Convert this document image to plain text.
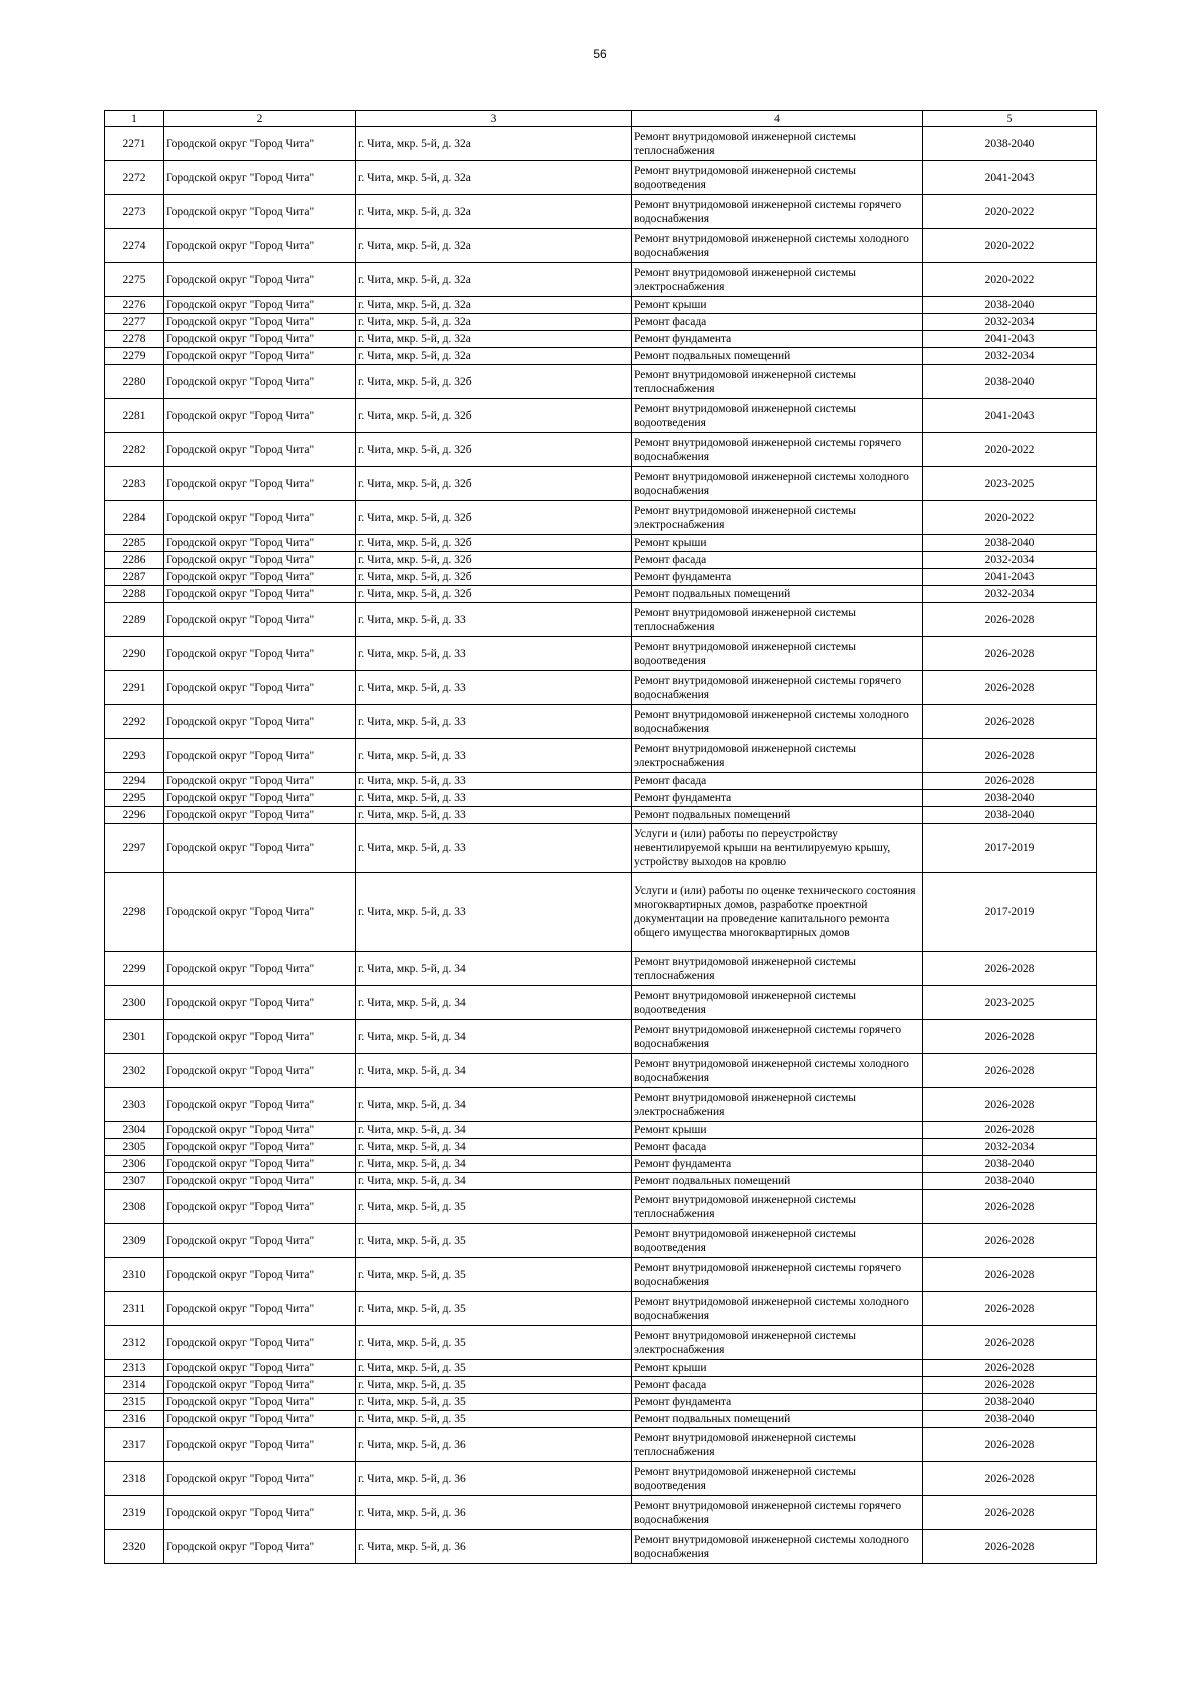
56
1	2	3	4	5
2271	Городской округ "Город Чита"	г. Чита, мкр. 5-й, д. 32а	Ремонт внутридомовой инженерной системы теплоснабжения	2038-2040
2272	Городской округ "Город Чита"	г. Чита, мкр. 5-й, д. 32а	Ремонт внутридомовой инженерной системы водоотведения	2041-2043
2273	Городской округ "Город Чита"	г. Чита, мкр. 5-й, д. 32а	Ремонт внутридомовой инженерной системы горячего водоснабжения	2020-2022
2274	Городской округ "Город Чита"	г. Чита, мкр. 5-й, д. 32а	Ремонт внутридомовой инженерной системы холодного водоснабжения	2020-2022
2275	Городской округ "Город Чита"	г. Чита, мкр. 5-й, д. 32а	Ремонт внутридомовой инженерной системы электроснабжения	2020-2022
2276	Городской округ "Город Чита"	г. Чита, мкр. 5-й, д. 32а	Ремонт крыши	2038-2040
2277	Городской округ "Город Чита"	г. Чита, мкр. 5-й, д. 32а	Ремонт фасада	2032-2034
2278	Городской округ "Город Чита"	г. Чита, мкр. 5-й, д. 32а	Ремонт фундамента	2041-2043
2279	Городской округ "Город Чита"	г. Чита, мкр. 5-й, д. 32а	Ремонт подвальных помещений	2032-2034
2280	Городской округ "Город Чита"	г. Чита, мкр. 5-й, д. 32б	Ремонт внутридомовой инженерной системы теплоснабжения	2038-2040
2281	Городской округ "Город Чита"	г. Чита, мкр. 5-й, д. 32б	Ремонт внутридомовой инженерной системы водоотведения	2041-2043
2282	Городской округ "Город Чита"	г. Чита, мкр. 5-й, д. 32б	Ремонт внутридомовой инженерной системы горячего водоснабжения	2020-2022
2283	Городской округ "Город Чита"	г. Чита, мкр. 5-й, д. 32б	Ремонт внутридомовой инженерной системы холодного водоснабжения	2023-2025
2284	Городской округ "Город Чита"	г. Чита, мкр. 5-й, д. 32б	Ремонт внутридомовой инженерной системы электроснабжения	2020-2022
2285	Городской округ "Город Чита"	г. Чита, мкр. 5-й, д. 32б	Ремонт крыши	2038-2040
2286	Городской округ "Город Чита"	г. Чита, мкр. 5-й, д. 32б	Ремонт фасада	2032-2034
2287	Городской округ "Город Чита"	г. Чита, мкр. 5-й, д. 32б	Ремонт фундамента	2041-2043
2288	Городской округ "Город Чита"	г. Чита, мкр. 5-й, д. 32б	Ремонт подвальных помещений	2032-2034
2289	Городской округ "Город Чита"	г. Чита, мкр. 5-й, д. 33	Ремонт внутридомовой инженерной системы теплоснабжения	2026-2028
2290	Городской округ "Город Чита"	г. Чита, мкр. 5-й, д. 33	Ремонт внутридомовой инженерной системы водоотведения	2026-2028
2291	Городской округ "Город Чита"	г. Чита, мкр. 5-й, д. 33	Ремонт внутридомовой инженерной системы горячего водоснабжения	2026-2028
2292	Городской округ "Город Чита"	г. Чита, мкр. 5-й, д. 33	Ремонт внутридомовой инженерной системы холодного водоснабжения	2026-2028
2293	Городской округ "Город Чита"	г. Чита, мкр. 5-й, д. 33	Ремонт внутридомовой инженерной системы электроснабжения	2026-2028
2294	Городской округ "Город Чита"	г. Чита, мкр. 5-й, д. 33	Ремонт фасада	2026-2028
2295	Городской округ "Город Чита"	г. Чита, мкр. 5-й, д. 33	Ремонт фундамента	2038-2040
2296	Городской округ "Город Чита"	г. Чита, мкр. 5-й, д. 33	Ремонт подвальных помещений	2038-2040
2297	Городской округ "Город Чита"	г. Чита, мкр. 5-й, д. 33	Услуги и (или) работы по переустройству невентилируемой крыши на вентилируемую крышу, устройству выходов на кровлю	2017-2019
2298	Городской округ "Город Чита"	г. Чита, мкр. 5-й, д. 33	Услуги и (или) работы по оценке технического состояния многоквартирных домов, разработке проектной документации на проведение капитального ремонта общего имущества многоквартирных домов	2017-2019
2299	Городской округ "Город Чита"	г. Чита, мкр. 5-й, д. 34	Ремонт внутридомовой инженерной системы теплоснабжения	2026-2028
2300	Городской округ "Город Чита"	г. Чита, мкр. 5-й, д. 34	Ремонт внутридомовой инженерной системы водоотведения	2023-2025
2301	Городской округ "Город Чита"	г. Чита, мкр. 5-й, д. 34	Ремонт внутридомовой инженерной системы горячего водоснабжения	2026-2028
2302	Городской округ "Город Чита"	г. Чита, мкр. 5-й, д. 34	Ремонт внутридомовой инженерной системы холодного водоснабжения	2026-2028
2303	Городской округ "Город Чита"	г. Чита, мкр. 5-й, д. 34	Ремонт внутридомовой инженерной системы электроснабжения	2026-2028
2304	Городской округ "Город Чита"	г. Чита, мкр. 5-й, д. 34	Ремонт крыши	2026-2028
2305	Городской округ "Город Чита"	г. Чита, мкр. 5-й, д. 34	Ремонт фасада	2032-2034
2306	Городской округ "Город Чита"	г. Чита, мкр. 5-й, д. 34	Ремонт фундамента	2038-2040
2307	Городской округ "Город Чита"	г. Чита, мкр. 5-й, д. 34	Ремонт подвальных помещений	2038-2040
2308	Городской округ "Город Чита"	г. Чита, мкр. 5-й, д. 35	Ремонт внутридомовой инженерной системы теплоснабжения	2026-2028
2309	Городской округ "Город Чита"	г. Чита, мкр. 5-й, д. 35	Ремонт внутридомовой инженерной системы водоотведения	2026-2028
2310	Городской округ "Город Чита"	г. Чита, мкр. 5-й, д. 35	Ремонт внутридомовой инженерной системы горячего водоснабжения	2026-2028
2311	Городской округ "Город Чита"	г. Чита, мкр. 5-й, д. 35	Ремонт внутридомовой инженерной системы холодного водоснабжения	2026-2028
2312	Городской округ "Город Чита"	г. Чита, мкр. 5-й, д. 35	Ремонт внутридомовой инженерной системы электроснабжения	2026-2028
2313	Городской округ "Город Чита"	г. Чита, мкр. 5-й, д. 35	Ремонт крыши	2026-2028
2314	Городской округ "Город Чита"	г. Чита, мкр. 5-й, д. 35	Ремонт фасада	2026-2028
2315	Городской округ "Город Чита"	г. Чита, мкр. 5-й, д. 35	Ремонт фундамента	2038-2040
2316	Городской округ "Город Чита"	г. Чита, мкр. 5-й, д. 35	Ремонт подвальных помещений	2038-2040
2317	Городской округ "Город Чита"	г. Чита, мкр. 5-й, д. 36	Ремонт внутридомовой инженерной системы теплоснабжения	2026-2028
2318	Городской округ "Город Чита"	г. Чита, мкр. 5-й, д. 36	Ремонт внутридомовой инженерной системы водоотведения	2026-2028
2319	Городской округ "Город Чита"	г. Чита, мкр. 5-й, д. 36	Ремонт внутридомовой инженерной системы горячего водоснабжения	2026-2028
2320	Городской округ "Город Чита"	г. Чита, мкр. 5-й, д. 36	Ремонт внутридомовой инженерной системы холодного водоснабжения	2026-2028
